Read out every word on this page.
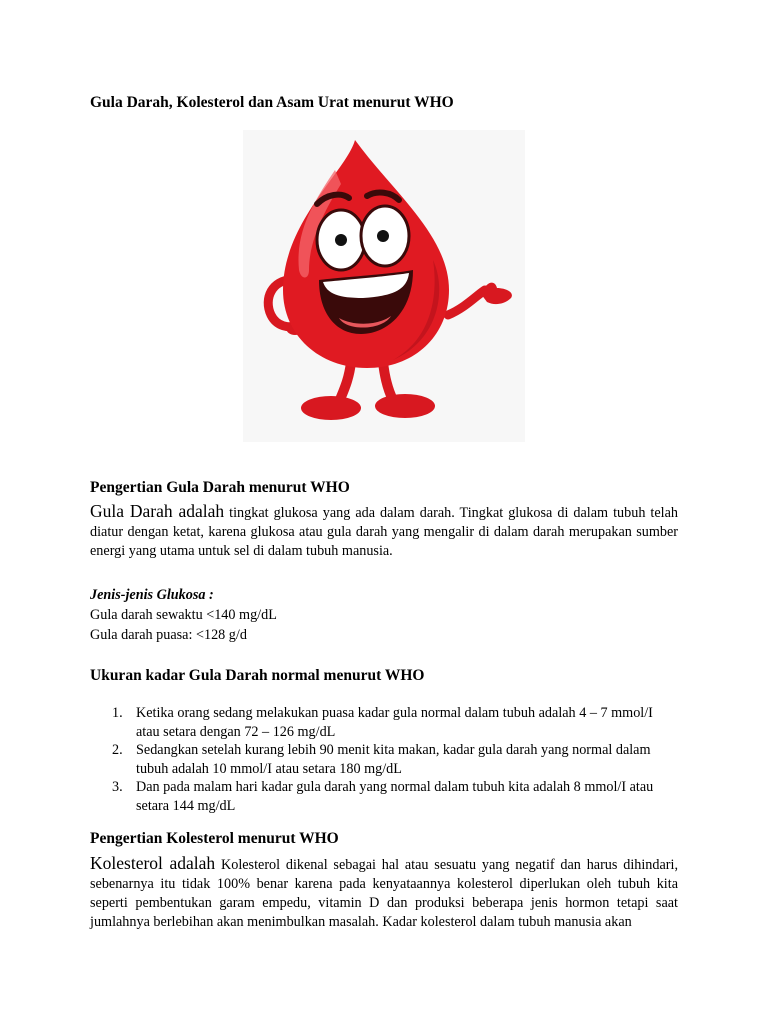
Gula Darah, Kolesterol dan Asam Urat menurut WHO
Pengertian Gula Darah menurut WHO
Gula Darah adalah tingkat glukosa yang ada dalam darah. Tingkat glukosa di dalam tubuh telah diatur dengan ketat, karena glukosa atau gula darah yang mengalir di dalam darah merupakan sumber energi yang utama untuk sel di dalam tubuh manusia.
Jenis-jenis Glukosa :
Gula darah sewaktu <140 mg/dL
Gula darah puasa: <128 g/d
Ukuran kadar Gula Darah normal menurut WHO
1. Ketika orang sedang melakukan puasa kadar gula normal dalam tubuh adalah 4 – 7 mmol/I atau setara dengan 72 – 126 mg/dL
2. Sedangkan setelah kurang lebih 90 menit kita makan, kadar gula darah yang normal dalam tubuh adalah 10 mmol/I atau setara 180 mg/dL
3. Dan pada malam hari kadar gula darah yang normal dalam tubuh kita adalah 8 mmol/I atau setara 144 mg/dL
Pengertian Kolesterol menurut WHO
Kolesterol adalah Kolesterol dikenal sebagai hal atau sesuatu yang negatif dan harus dihindari, sebenarnya itu tidak 100% benar karena pada kenyataannya kolesterol diperlukan oleh tubuh kita seperti pembentukan garam empedu, vitamin D dan produksi beberapa jenis hormon tetapi saat jumlahnya berlebihan akan menimbulkan masalah. Kadar kolesterol dalam tubuh manusia akan
